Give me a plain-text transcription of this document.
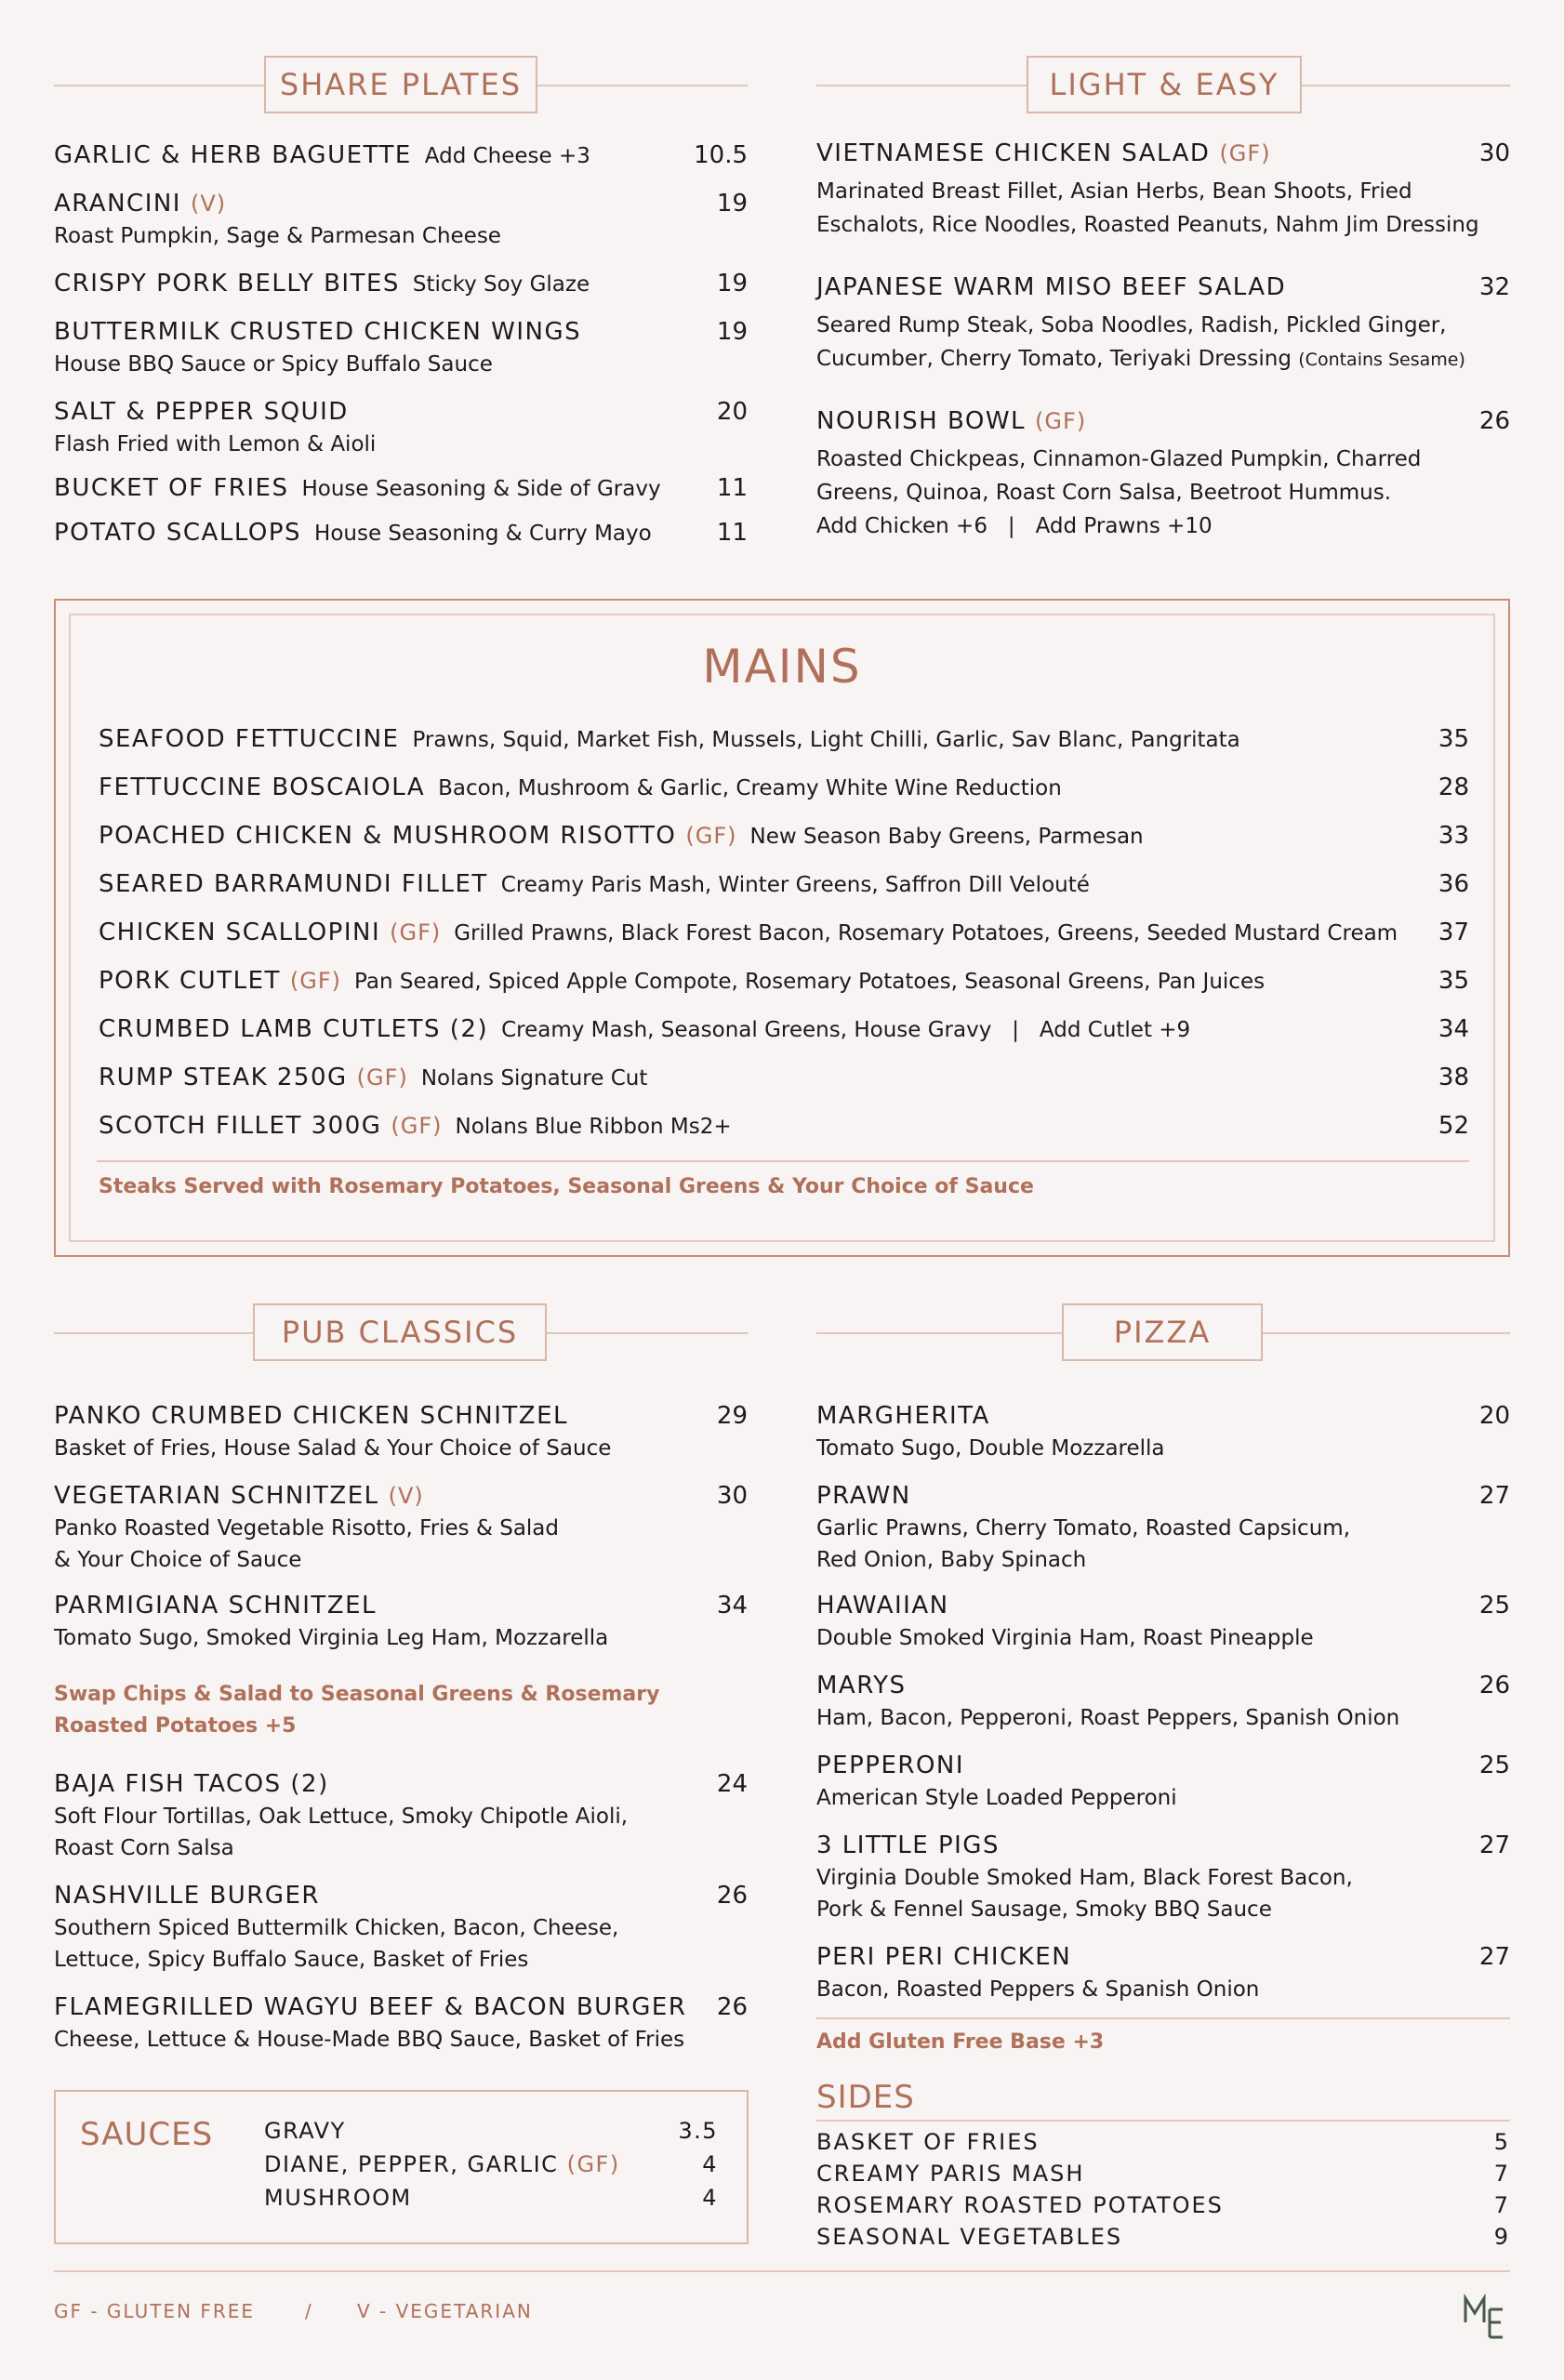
SHARE PLATES
GARLIC & HERB BAGUETTE Add Cheese +3	10.5
ARANCINI (V)
Roast Pumpkin, Sage & Parmesan Cheese
19
CRISPY PORK BELLY BITES Sticky Soy Glaze	19
BUTTERMILK CRUSTED CHICKEN WINGS
House BBQ Sauce or Spicy Buffalo Sauce
19
SALT & PEPPER SQUID
Flash Fried with Lemon & Aioli
20
BUCKET OF FRIES House Seasoning & Side of Gravy 11
POTATO SCALLOPS House Seasoning & Curry Mayo	11
LIGHT & EASY
VIETNAMESE CHICKEN SALAD (GF)
Marinated Breast Fillet, Asian Herbs, Bean Shoots, Fried
Eschalots, Rice Noodles, Roasted Peanuts, Nahm Jim Dressing
30
JAPANESE WARM MISO BEEF SALAD
Seared Rump Steak, Soba Noodles, Radish, Pickled Ginger,
Cucumber, Cherry Tomato, Teriyaki Dressing (Contains Sesame)
32
NOURISH BOWL (GF)
Roasted Chickpeas, Cinnamon-Glazed Pumpkin, Charred
Greens, Quinoa, Roast Corn Salsa, Beetroot Hummus.
Add Chicken +6   |   Add Prawns +10
26
MAINS
SEAFOOD FETTUCCINE Prawns, Squid, Market Fish, Mussels, Light Chilli, Garlic, Sav Blanc, Pangritata	35
FETTUCCINE BOSCAIOLA Bacon, Mushroom & Garlic, Creamy White Wine Reduction	28
POACHED CHICKEN & MUSHROOM RISOTTO (GF) New Season Baby Greens, Parmesan	33
SEARED BARRAMUNDI FILLET Creamy Paris Mash, Winter Greens, Saffron Dill Velouté	36
CHICKEN SCALLOPINI (GF) Grilled Prawns, Black Forest Bacon, Rosemary Potatoes, Greens, Seeded Mustard Cream 37
PORK CUTLET (GF) Pan Seared, Spiced Apple Compote, Rosemary Potatoes, Seasonal Greens, Pan Juices	35
CRUMBED LAMB CUTLETS (2) Creamy Mash, Seasonal Greens, House Gravy   |   Add Cutlet +9	34
RUMP STEAK 250G (GF) Nolans Signature Cut	38
SCOTCH FILLET 300G (GF) Nolans Blue Ribbon Ms2+	52
Steaks Served with Rosemary Potatoes, Seasonal Greens & Your Choice of Sauce
PUB CLASSICS
PANKO CRUMBED CHICKEN SCHNITZEL
Basket of Fries, House Salad & Your Choice of Sauce
29
VEGETARIAN SCHNITZEL (V)
Panko Roasted Vegetable Risotto, Fries & Salad
& Your Choice of Sauce
30
PARMIGIANA SCHNITZEL
Tomato Sugo, Smoked Virginia Leg Ham, Mozzarella
34
Swap Chips & Salad to Seasonal Greens & Rosemary
Roasted Potatoes +5
BAJA FISH TACOS (2)
Soft Flour Tortillas, Oak Lettuce, Smoky Chipotle Aioli,
Roast Corn Salsa
24
NASHVILLE BURGER
Southern Spiced Buttermilk Chicken, Bacon, Cheese,
Lettuce, Spicy Buffalo Sauce, Basket of Fries
26
FLAMEGRILLED WAGYU BEEF & BACON BURGER
Cheese, Lettuce & House-Made BBQ Sauce, Basket of Fries
26
SAUCES GRAVY	3.5
DIANE, PEPPER, GARLIC (GF)	4
MUSHROOM	4
PIZZA
MARGHERITA
Tomato Sugo, Double Mozzarella
20
PRAWN
Garlic Prawns, Cherry Tomato, Roasted Capsicum,
Red Onion, Baby Spinach
27
HAWAIIAN
Double Smoked Virginia Ham, Roast Pineapple
25
MARYS
Ham, Bacon, Pepperoni, Roast Peppers, Spanish Onion
26
PEPPERONI
American Style Loaded Pepperoni
25
3 LITTLE PIGS
Virginia Double Smoked Ham, Black Forest Bacon,
Pork & Fennel Sausage, Smoky BBQ Sauce
27
PERI PERI CHICKEN
Bacon, Roasted Peppers & Spanish Onion
27
Add Gluten Free Base +3
SIDES
BASKET OF FRIES	5
CREAMY PARIS MASH	7
ROSEMARY ROASTED POTATOES	7
SEASONAL VEGETABLES	9
GF - GLUTEN FREE	/ V - VEGETARIAN
